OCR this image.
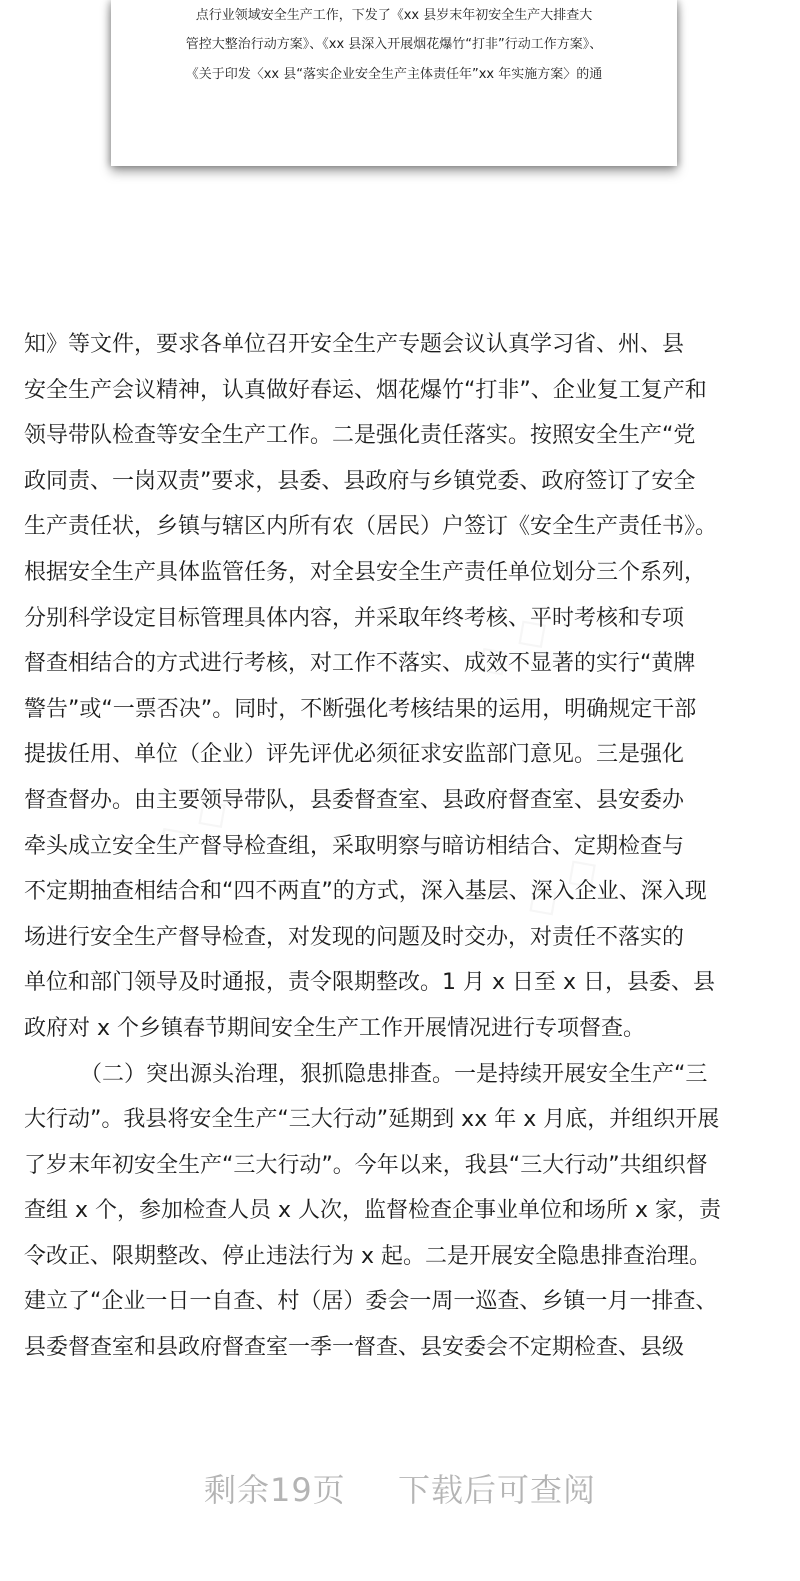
点行业领域安全生产工作，下发了《xx 县岁末年初安全生产大排查大
管控大整治行动方案》、《xx 县深入开展烟花爆竹“打非”行动工作方案》、
《关于印发〈xx 县“落实企业安全生产主体责任年”xx 年实施方案〉的通
知》等文件，要求各单位召开安全生产专题会议认真学习省、州、县
安全生产会议精神，认真做好春运、烟花爆竹“打非”、企业复工复产和
领导带队检查等安全生产工作。二是强化责任落实。按照安全生产“党
政同责、一岗双责”要求，县委、县政府与乡镇党委、政府签订了安全
生产责任状，乡镇与辖区内所有农（居民）户签订《安全生产责任书》。
根据安全生产具体监管任务，对全县安全生产责任单位划分三个系列，
分别科学设定目标管理具体内容，并采取年终考核、平时考核和专项
督查相结合的方式进行考核，对工作不落实、成效不显著的实行“黄牌
警告”或“一票否决”。同时，不断强化考核结果的运用，明确规定干部
提拔任用、单位（企业）评先评优必须征求安监部门意见。三是强化
督查督办。由主要领导带队，县委督查室、县政府督查室、县安委办
牵头成立安全生产督导检查组，采取明察与暗访相结合、定期检查与
不定期抽查相结合和“四不两直”的方式，深入基层、深入企业、深入现
场进行安全生产督导检查，对发现的问题及时交办，对责任不落实的
单位和部门领导及时通报，责令限期整改。1 月 x 日至 x 日，县委、县
政府对 x 个乡镇春节期间安全生产工作开展情况进行专项督查。
（二）突出源头治理，狠抓隐患排查。一是持续开展安全生产“三
大行动”。我县将安全生产“三大行动”延期到 xx 年 x 月底，并组织开展
了岁末年初安全生产“三大行动”。今年以来，我县“三大行动”共组织督
查组 x 个，参加检查人员 x 人次，监督检查企事业单位和场所 x 家，责
令改正、限期整改、停止违法行为 x 起。二是开展安全隐患排查治理。
建立了“企业一日一自查、村（居）委会一周一巡查、乡镇一月一排查、
县委督查室和县政府督查室一季一督查、县安委会不定期检查、县级
剩余19页 下载后可查阅
